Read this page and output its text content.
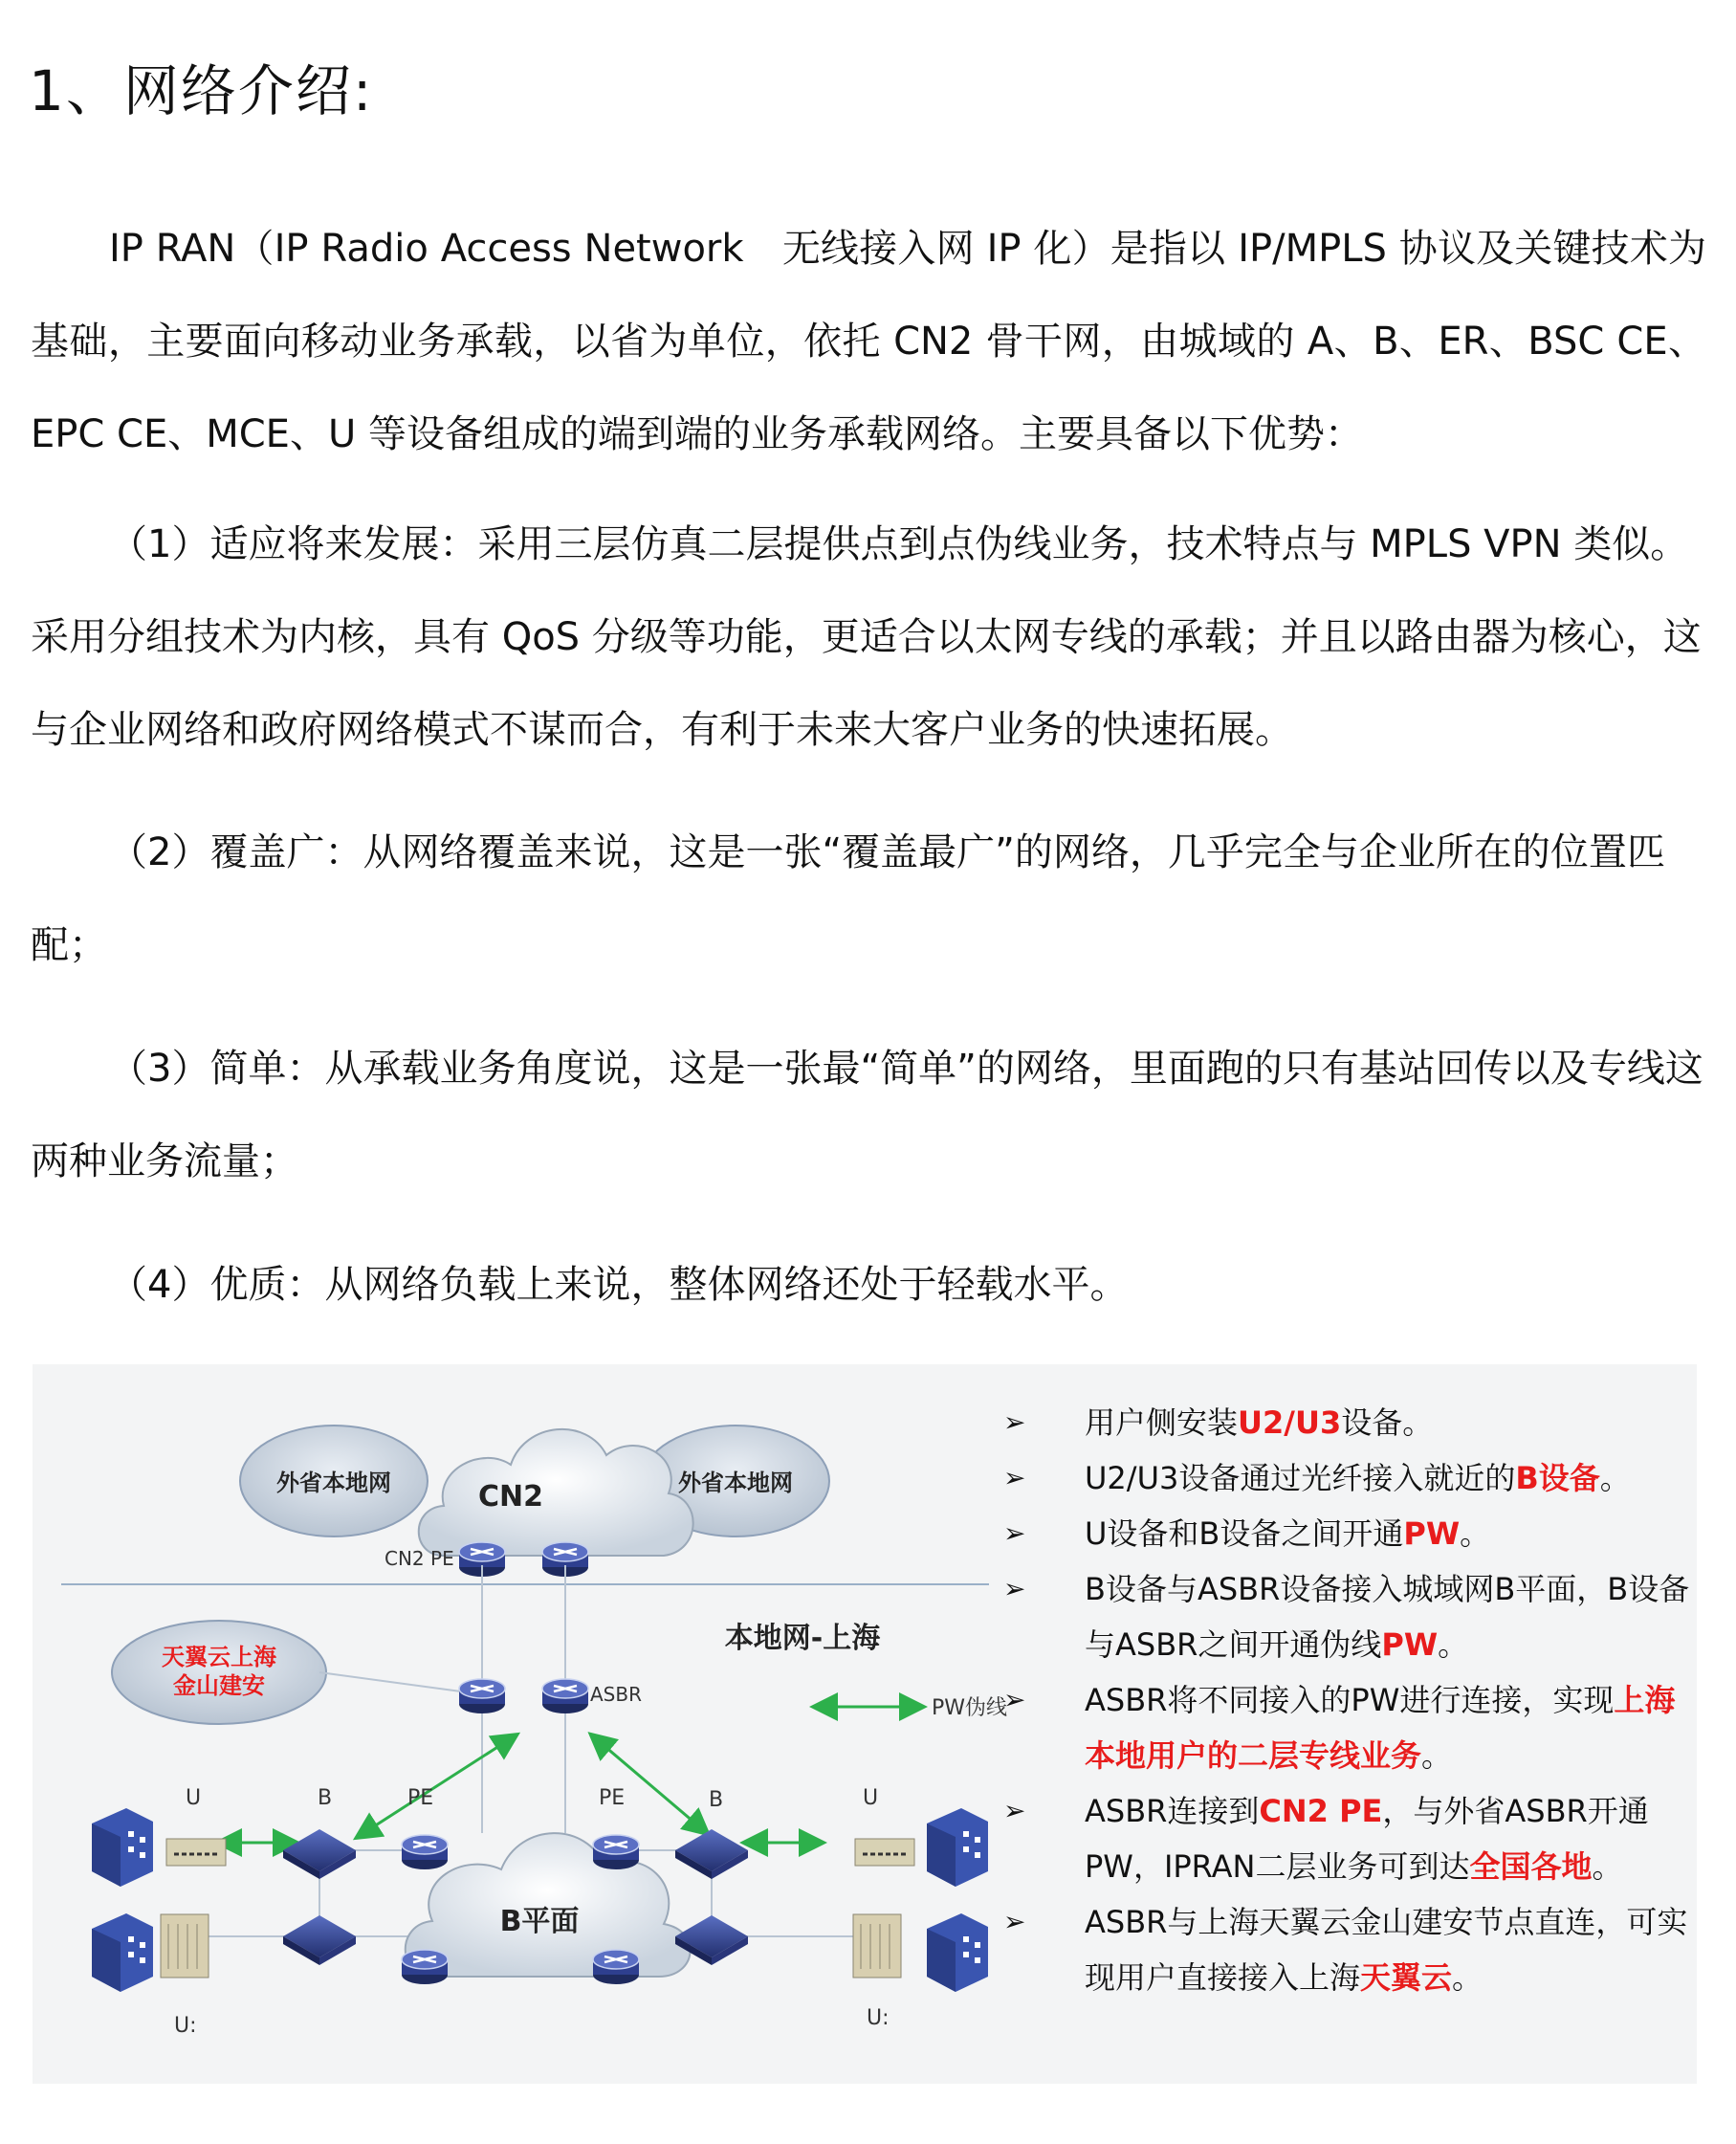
1、网络介绍:

IP RAN（IP Radio Access Network　无线接入网 IP 化）是指以 IP/MPLS 协议及关键技术为基础，主要面向移动业务承载，以省为单位，依托 CN2 骨干网，由城域的 A、B、ER、BSC CE、EPC CE、MCE、U 等设备组成的端到端的业务承载网络。主要具备以下优势：

（1）适应将来发展：采用三层仿真二层提供点到点伪线业务，技术特点与 MPLS VPN 类似。采用分组技术为内核，具有 QoS 分级等功能，更适合以太网专线的承载；并且以路由器为核心，这与企业网络和政府网络模式不谋而合，有利于未来大客户业务的快速拓展。

（2）覆盖广：从网络覆盖来说，这是一张“覆盖最广”的网络，几乎完全与企业所在的位置匹配；

（3）简单：从承载业务角度说，这是一张最“简单”的网络，里面跑的只有基站回传以及专线这两种业务流量；

（4）优质：从网络负载上来说，整体网络还处于轻载水平。

外省本地网	外省本地网
CN2
CN2 PE
本地网-上海
天翼云上海
金山建安	ASBR
PW伪线
U	B	PE	PE	B	U
B平面
U:	U:

➢ 用户侧安装U2/U3设备。

➢ U2/U3设备通过光纤接入就近的B设备。

➢ U设备和B设备之间开通PW。

➢ B设备与ASBR设备接入城域网B平面，B设备与ASBR之间开通伪线PW。

➢ ASBR将不同接入的PW进行连接，实现上海本地用户的二层专线业务。

➢ ASBR连接到CN2 PE，与外省ASBR开通PW，IPRAN二层业务可到达全国各地。

➢ ASBR与上海天翼云金山建安节点直连，可实现用户直接接入上海天翼云。
